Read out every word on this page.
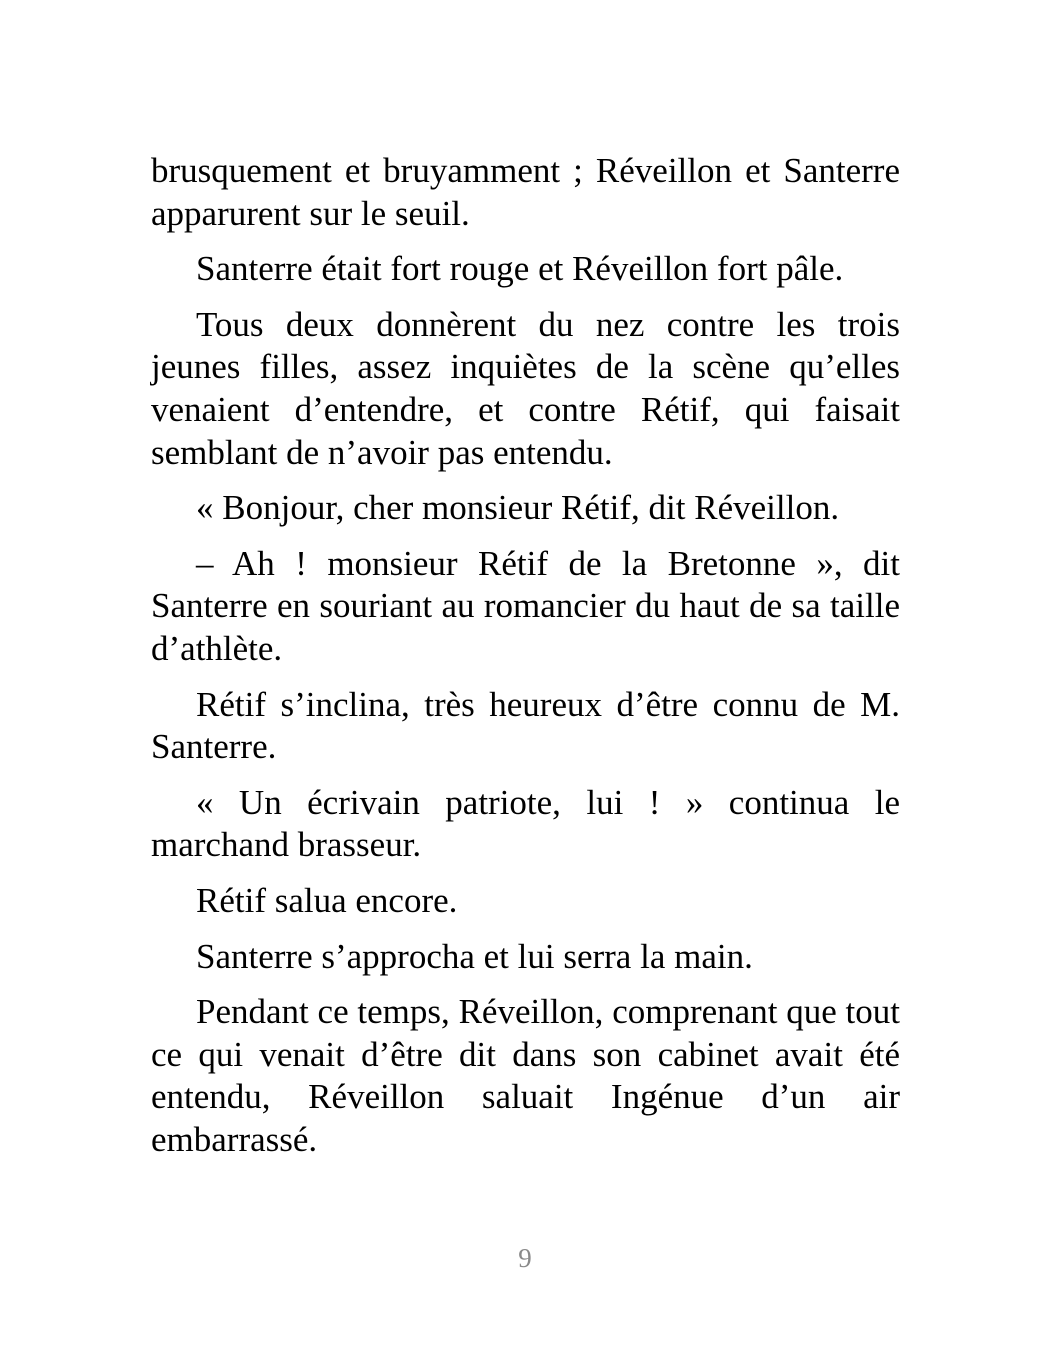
brusquement et bruyamment ; Réveillon et Santerre apparurent sur le seuil.

Santerre était fort rouge et Réveillon fort pâle.

Tous deux donnèrent du nez contre les trois jeunes filles, assez inquiètes de la scène qu’elles venaient d’entendre, et contre Rétif, qui faisait semblant de n’avoir pas entendu.

« Bonjour, cher monsieur Rétif, dit Réveillon.

– Ah ! monsieur Rétif de la Bretonne », dit Santerre en souriant au romancier du haut de sa taille d’athlète.

Rétif s’inclina, très heureux d’être connu de M. Santerre.

« Un écrivain patriote, lui ! » continua le marchand brasseur.

Rétif salua encore.

Santerre s’approcha et lui serra la main.

Pendant ce temps, Réveillon, comprenant que tout ce qui venait d’être dit dans son cabinet avait été entendu, Réveillon saluait Ingénue d’un air embarrassé.

9
